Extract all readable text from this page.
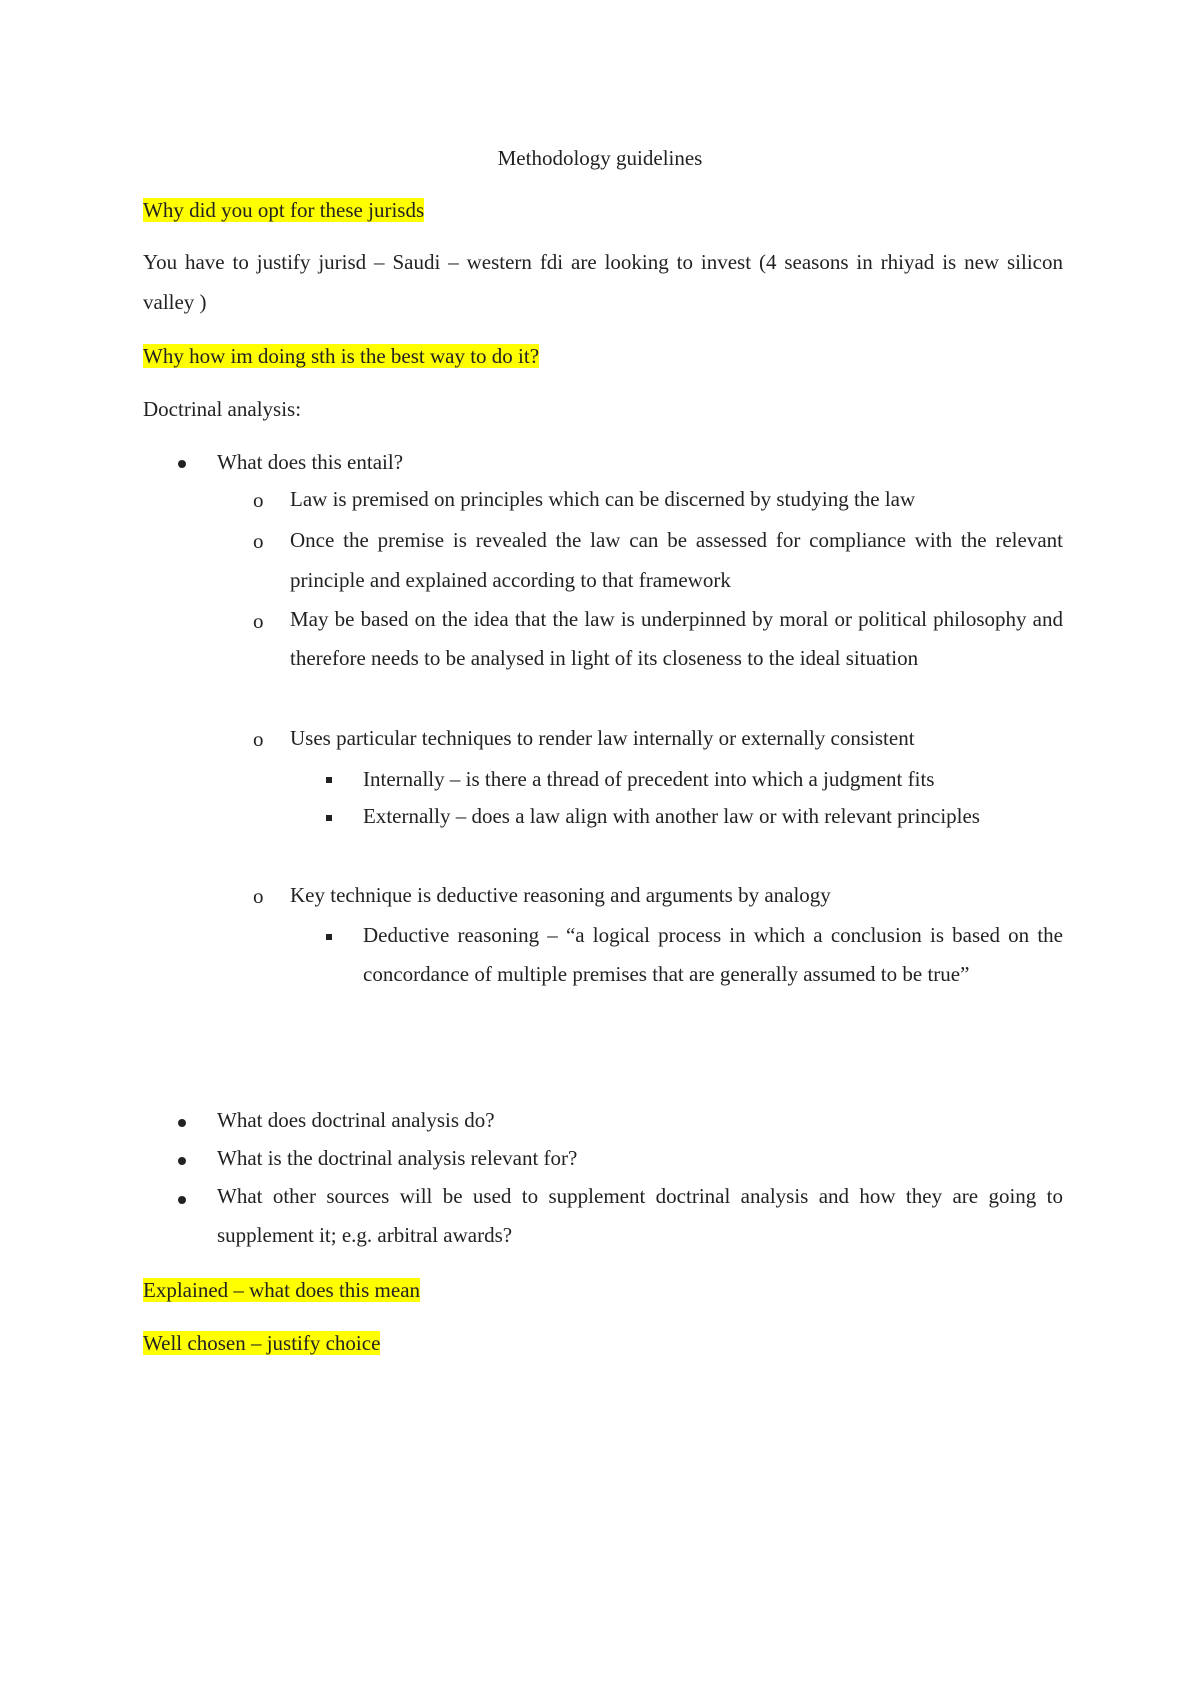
Methodology guidelines
Why did you opt for these jurisds
You have to justify jurisd – Saudi – western fdi are looking to invest (4 seasons in rhiyad is new silicon valley )
Why how im doing sth is the best way to do it?
Doctrinal analysis:
What does this entail?
o Law is premised on principles which can be discerned by studying the law
o Once the premise is revealed the law can be assessed for compliance with the relevant principle and explained according to that framework
o May be based on the idea that the law is underpinned by moral or political philosophy and therefore needs to be analysed in light of its closeness to the ideal situation
o Uses particular techniques to render law internally or externally consistent
Internally – is there a thread of precedent into which a judgment fits
Externally – does a law align with another law or with relevant principles
o Key technique is deductive reasoning and arguments by analogy
Deductive reasoning – “a logical process in which a conclusion is based on the concordance of multiple premises that are generally assumed to be true”
What does doctrinal analysis do?
What is the doctrinal analysis relevant for?
What other sources will be used to supplement doctrinal analysis and how they are going to supplement it; e.g. arbitral awards?
Explained – what does this mean
Well chosen – justify choice
